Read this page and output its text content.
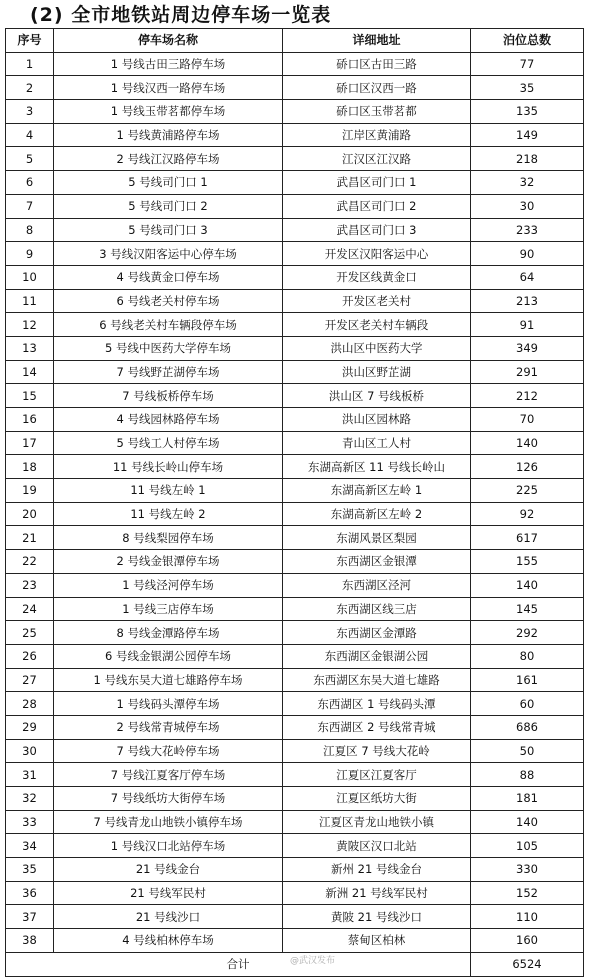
(2) 全市地铁站周边停车场一览表
序号	停车场名称	详细地址	泊位总数
1	1 号线古田三路停车场	硚口区古田三路	77
2	1 号线汉西一路停车场	硚口区汉西一路	35
3	1 号线玉带茗都停车场	硚口区玉带茗都	135
4	1 号线黄浦路停车场	江岸区黄浦路	149
5	2 号线江汉路停车场	江汉区江汉路	218
6	5 号线司门口 1	武昌区司门口 1	32
7	5 号线司门口 2	武昌区司门口 2	30
8	5 号线司门口 3	武昌区司门口 3	233
9	3 号线汉阳客运中心停车场	开发区汉阳客运中心	90
10	4 号线黄金口停车场	开发区线黄金口	64
11	6 号线老关村停车场	开发区老关村	213
12	6 号线老关村车辆段停车场	开发区老关村车辆段	91
13	5 号线中医药大学停车场	洪山区中医药大学	349
14	7 号线野芷湖停车场	洪山区野芷湖	291
15	7 号线板桥停车场	洪山区 7 号线板桥	212
16	4 号线园林路停车场	洪山区园林路	70
17	5 号线工人村停车场	青山区工人村	140
18	11 号线长岭山停车场	东湖高新区 11 号线长岭山	126
19	11 号线左岭 1	东湖高新区左岭 1	225
20	11 号线左岭 2	东湖高新区左岭 2	92
21	8 号线梨园停车场	东湖风景区梨园	617
22	2 号线金银潭停车场	东西湖区金银潭	155
23	1 号线泾河停车场	东西湖区泾河	140
24	1 号线三店停车场	东西湖区线三店	145
25	8 号线金潭路停车场	东西湖区金潭路	292
26	6 号线金银湖公园停车场	东西湖区金银湖公园	80
27	1 号线东吴大道七雄路停车场	东西湖区东吴大道七雄路	161
28	1 号线码头潭停车场	东西湖区 1 号线码头潭	60
29	2 号线常青城停车场	东西湖区 2 号线常青城	686
30	7 号线大花岭停车场	江夏区 7 号线大花岭	50
31	7 号线江夏客厅停车场	江夏区江夏客厅	88
32	7 号线纸坊大街停车场	江夏区纸坊大街	181
33	7 号线青龙山地铁小镇停车场	江夏区青龙山地铁小镇	140
34	1 号线汉口北站停车场	黄陂区汉口北站	105
35	21 号线金台	新州 21 号线金台	330
36	21 号线军民村	新洲 21 号线军民村	152
37	21 号线沙口	黄陂 21 号线沙口	110
38	4 号线柏林停车场	蔡甸区柏林	160
合计			6524
@武汉发布
